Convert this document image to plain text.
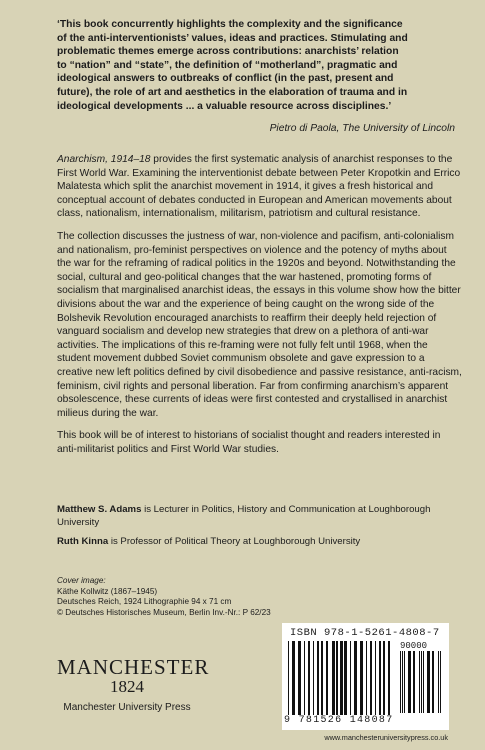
‘This book concurrently highlights the complexity and the significance
of the anti-interventionists’ values, ideas and practices. Stimulating and
problematic themes emerge across contributions: anarchists’ relation
to “nation” and “state”, the definition of “motherland”, pragmatic and
ideological answers to outbreaks of conflict (in the past, present and
future), the role of art and aesthetics in the elaboration of trauma and in
ideological developments ... a valuable resource across disciplines.’
Pietro di Paola, The University of Lincoln

Anarchism, 1914–18 provides the first systematic analysis of anarchist responses to the First World War. Examining the interventionist debate between Peter Kropotkin and Errico Malatesta which split the anarchist movement in 1914, it gives a fresh historical and conceptual account of debates conducted in European and American movements about class, nationalism, internationalism, militarism, patriotism and cultural resistance.

The collection discusses the justness of war, non-violence and pacifism, anti-colonialism and nationalism, pro-feminist perspectives on violence and the potency of myths about the war for the reframing of radical politics in the 1920s and beyond. Notwithstanding the social, cultural and geo-political changes that the war hastened, promoting forms of socialism that marginalised anarchist ideas, the essays in this volume show how the bitter divisions about the war and the experience of being caught on the wrong side of the Bolshevik Revolution encouraged anarchists to reaffirm their deeply held rejection of vanguard socialism and develop new strategies that drew on a plethora of anti-war activities. The implications of this re-framing were not fully felt until 1968, when the student movement dubbed Soviet communism obsolete and gave expression to a creative new left politics defined by civil disobedience and passive resistance, anti-racism, feminism, civil rights and personal liberation. Far from confirming anarchism’s apparent obsolescence, these currents of ideas were first contested and crystallised in anarchist milieus during the war.

This book will be of interest to historians of socialist thought and readers interested in anti-militarist politics and First World War studies.

Matthew S. Adams is Lecturer in Politics, History and Communication at Loughborough University

Ruth Kinna is Professor of Political Theory at Loughborough University

Cover image:
Käthe Kollwitz (1867–1945)
Deutsches Reich, 1924 Lithographie 94 x 71 cm
© Deutsches Historisches Museum, Berlin Inv.-Nr.: P 62/23
ISBN 978-1-5261-4808-7
90000
9 781526 148087
MANCHESTER
1824
Manchester University Press
www.manchesteruniversitypress.co.uk
